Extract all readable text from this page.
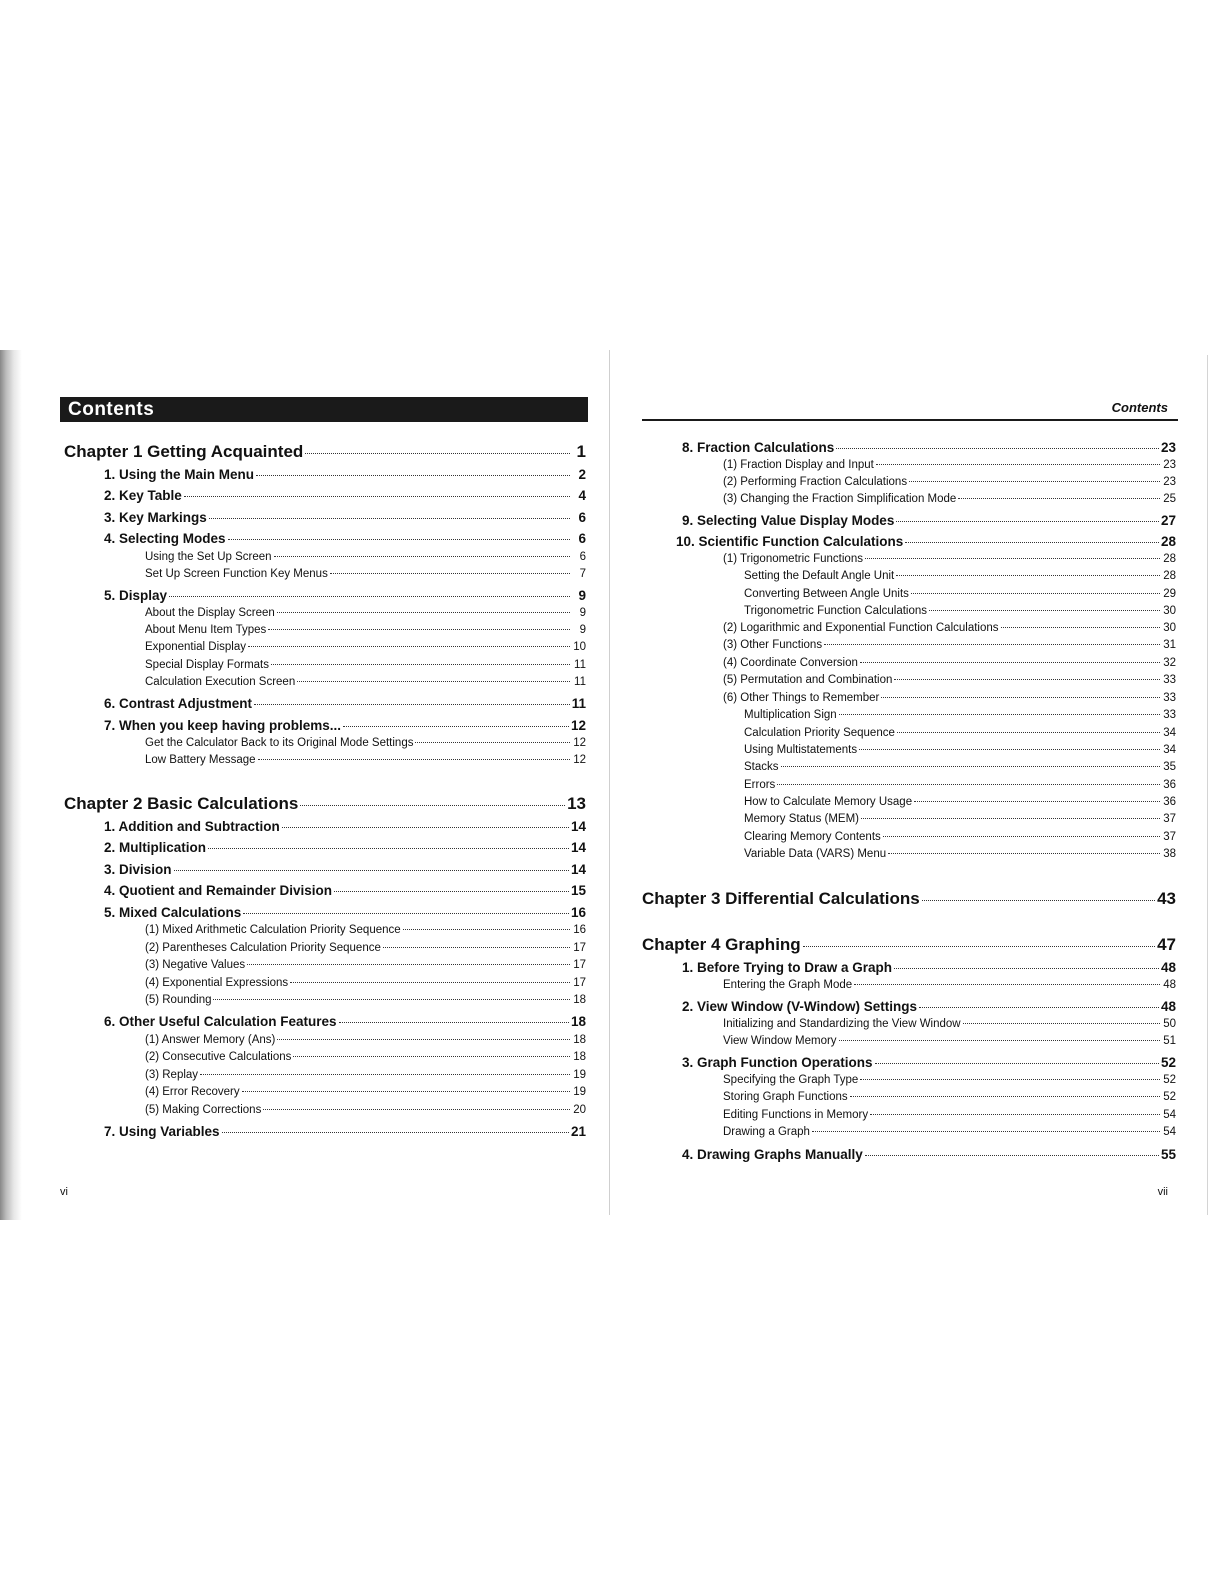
Contents
Chapter 1 Getting Acquainted	1
1. Using the Main Menu	2
2. Key Table	4
3. Key Markings	6
4. Selecting Modes	6
Using the Set Up Screen	6
Set Up Screen Function Key Menus	7
5. Display	9
About the Display Screen	9
About Menu Item Types	9
Exponential Display	10
Special Display Formats	11
Calculation Execution Screen	11
6. Contrast Adjustment	11
7. When you keep having problems...	12
Get the Calculator Back to its Original Mode Settings	12
Low Battery Message	12
Chapter 2 Basic Calculations	13
1. Addition and Subtraction	14
2. Multiplication	14
3. Division	14
4. Quotient and Remainder Division	15
5. Mixed Calculations	16
(1) Mixed Arithmetic Calculation Priority Sequence	16
(2) Parentheses Calculation Priority Sequence	17
(3) Negative Values	17
(4) Exponential Expressions	17
(5) Rounding	18
6. Other Useful Calculation Features	18
(1) Answer Memory (Ans)	18
(2) Consecutive Calculations	18
(3) Replay	19
(4) Error Recovery	19
(5) Making Corrections	20
7. Using Variables	21
vi
Contents
8. Fraction Calculations	23
(1) Fraction Display and Input	23
(2) Performing Fraction Calculations	23
(3) Changing the Fraction Simplification Mode	25
9. Selecting Value Display Modes	27
10. Scientific Function Calculations	28
(1) Trigonometric Functions	28
Setting the Default Angle Unit	28
Converting Between Angle Units	29
Trigonometric Function Calculations	30
(2) Logarithmic and Exponential Function Calculations	30
(3) Other Functions	31
(4) Coordinate Conversion	32
(5) Permutation and Combination	33
(6) Other Things to Remember	33
Multiplication Sign	33
Calculation Priority Sequence	34
Using Multistatements	34
Stacks	35
Errors	36
How to Calculate Memory Usage	36
Memory Status (MEM)	37
Clearing Memory Contents	37
Variable Data (VARS) Menu	38
Chapter 3 Differential Calculations	43
Chapter 4 Graphing	47
1. Before Trying to Draw a Graph	48
Entering the Graph Mode	48
2. View Window (V-Window) Settings	48
Initializing and Standardizing the View Window	50
View Window Memory	51
3. Graph Function Operations	52
Specifying the Graph Type	52
Storing Graph Functions	52
Editing Functions in Memory	54
Drawing a Graph	54
4. Drawing Graphs Manually	55
vii
